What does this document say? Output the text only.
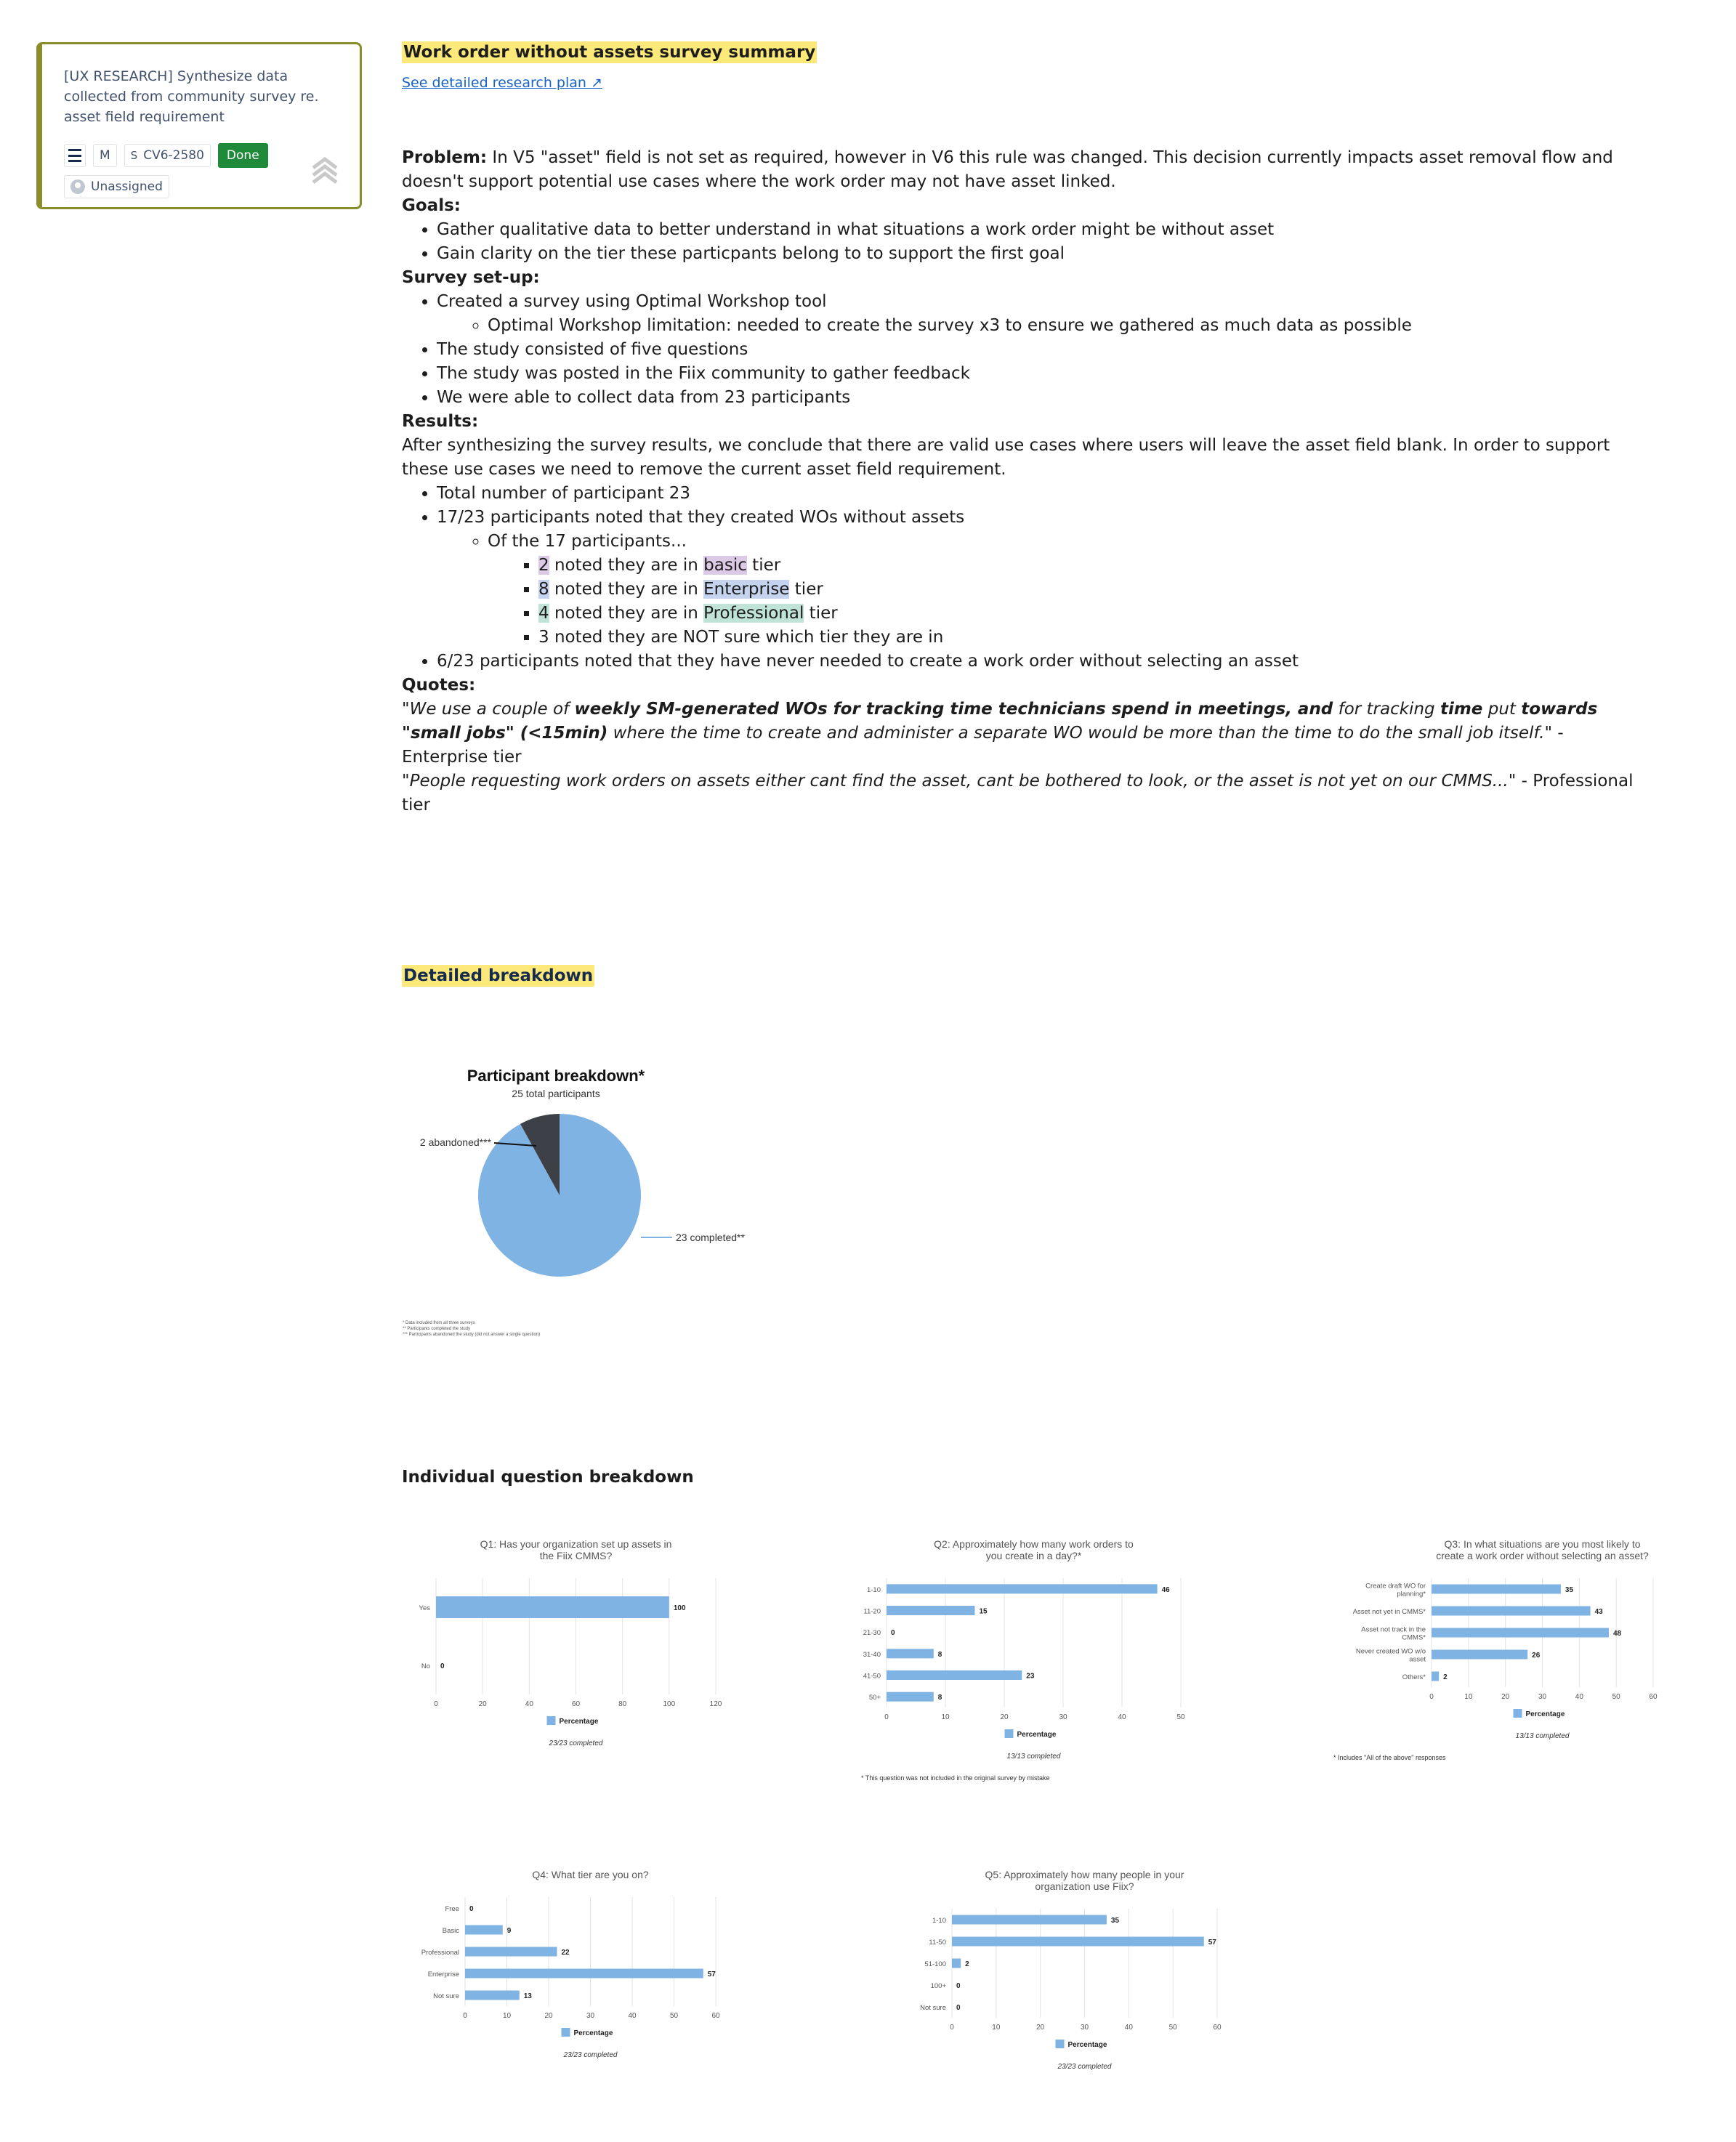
[UX RESEARCH] Synthesize data collected from community survey re. asset field requirement
M S CV6-2580	Done
Unassigned

Work order without assets survey summary

See detailed research plan ↗

Problem: In V5 "asset" field is not set as required, however in V6 this rule was changed. This decision currently impacts asset removal flow and doesn't support potential use cases where the work order may not have asset linked.

Goals:

• Gather qualitative data to better understand in what situations a work order might be without asset
• Gain clarity on the tier these particpants belong to to support the first goal

Survey set-up:

• Created a survey using Optimal Workshop tool
◦ Optimal Workshop limitation: needed to create the survey x3 to ensure we gathered as much data as possible
• The study consisted of five questions
• The study was posted in the Fiix community to gather feedback
• We were able to collect data from 23 participants

Results:

After synthesizing the survey results, we conclude that there are valid use cases where users will leave the asset field blank. In order to support these use cases we need to remove the current asset field requirement.

• Total number of participant 23
• 17/23 participants noted that they created WOs without assets
◦ Of the 17 participants...
▪ 2 noted they are in basic tier
▪ 8 noted they are in Enterprise tier
▪ 4 noted they are in Professional tier
▪ 3 noted they are NOT sure which tier they are in
• 6/23 participants noted that they have never needed to create a work order without selecting an asset

Quotes:

"We use a couple of weekly SM-generated WOs for tracking time technicians spend in meetings, and for tracking time put towards "small jobs" (<15min) where the time to create and administer a separate WO would be more than the time to do the small job itself." - Enterprise tier

"People requesting work orders on assets either cant find the asset, cant be bothered to look, or the asset is not yet on our CMMS..." - Professional tier

Detailed breakdown
Individual question breakdown
Participant breakdown*
25 total participants
23 completed**
2 abandoned***
* Data included from all three surveys
** Participants completed the study
*** Participants abandoned the study (did not answer a single question)
Q1: Has your organization set up assets in
the Fiix CMMS?
0	20	40	60	80	100	120
Yes	100
No 0
Percentage
23/23 completed
Q2: Approximately how many work orders to
you create in a day?*
0	10	20	30	40	50
1-10	46
11-20	15
21-30 0
31-40	8
41-50	23
50+	8
Percentage
13/13 completed
* This question was not included in the original survey by mistake
Q3: In what situations are you most likely to
create a work order without selecting an asset?
0	10	20	30	40	50	60
Create draft WO for
planning*	35
Asset not yet in CMMS*	43
Asset not track in the
CMMS*	48
Never created WO w/o
asset	26
Others* 2
Percentage
13/13 completed
* Includes "All of the above" responses
Q4: What tier are you on?
0	10	20	30	40	50	60
Free 0
Basic	9
Professional	22
Enterprise	57
Not sure	13
Percentage
23/23 completed
Q5: Approximately how many people in your
organization use Fiix?
0	10	20	30	40	50	60
1-10	35
11-50	57
51-100	2
100+ 0
Not sure 0
Percentage
23/23 completed
